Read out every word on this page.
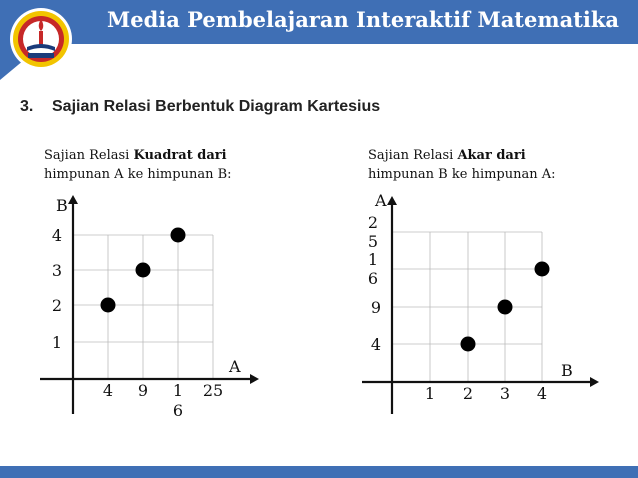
Media Pembelajaran Interaktif Matematika
3. Sajian Relasi Berbentuk Diagram Kartesius
Sajian Relasi Kuadrat dari
himpunan A ke himpunan B:
Sajian Relasi Akar dari
himpunan B ke himpunan A:
A
B
4 9 1
6
25
1
2
3
4
B
A
1 2 3 4
4
9
1
6
2
5
